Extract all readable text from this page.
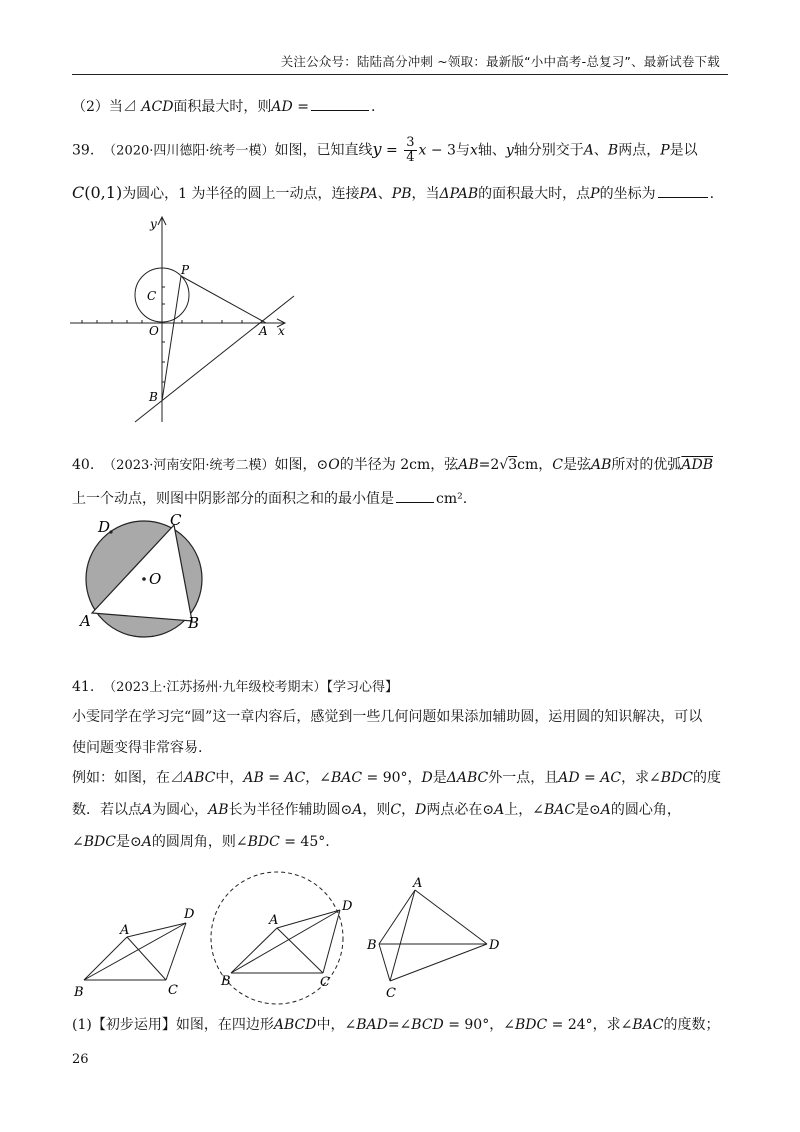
关注公众号：陆陆高分冲刺 ~领取：最新版“小中高考-总复习”、最新试卷下载
（2）当⊿ ACD面积最大时，则AD =	.
39. （2020·四川德阳·统考一模）如图，已知直线$y = \frac{3}{4}$ x − 3与x轴、y轴分别交于A、B两点，P是以
C(0,1)为圆心，1 为半径的圆上一动点，连接PA、PB，当ΔPAB的面积最大时，点P的坐标为	.
y
x
P
C
O	A
B
40. （2023·河南安阳·统考二模）如图，⊙O的半径为 2cm，弦AB=2√3cm，C是弦AB所对的优弧$\overline{ADB}$
上一个动点，则图中阴影部分的面积之和的最小值是	cm².
D	C
O
A	B
41. （2023上·江苏扬州·九年级校考期末）【学习心得】
小雯同学在学习完“圆”这一章内容后，感觉到一些几何问题如果添加辅助圆，运用圆的知识解决，可以
使问题变得非常容易.
例如：如图，在⊿ABC中，AB = AC，∠BAC = 90°，D是ΔABC外一点，且AD = AC，求∠BDC的度
数．若以点A为圆心，AB长为半径作辅助圆⊙A，则C，D两点必在⊙A上，∠BAC是⊙A的圆心角，
∠BDC是⊙A的圆周角，则∠BDC = 45°.
A
D
B	C
A
D
B	C
A
B	D
C
(1)【初步运用】如图，在四边形ABCD中，∠BAD=∠BCD = 90°，∠BDC = 24°，求∠BAC的度数；
26
